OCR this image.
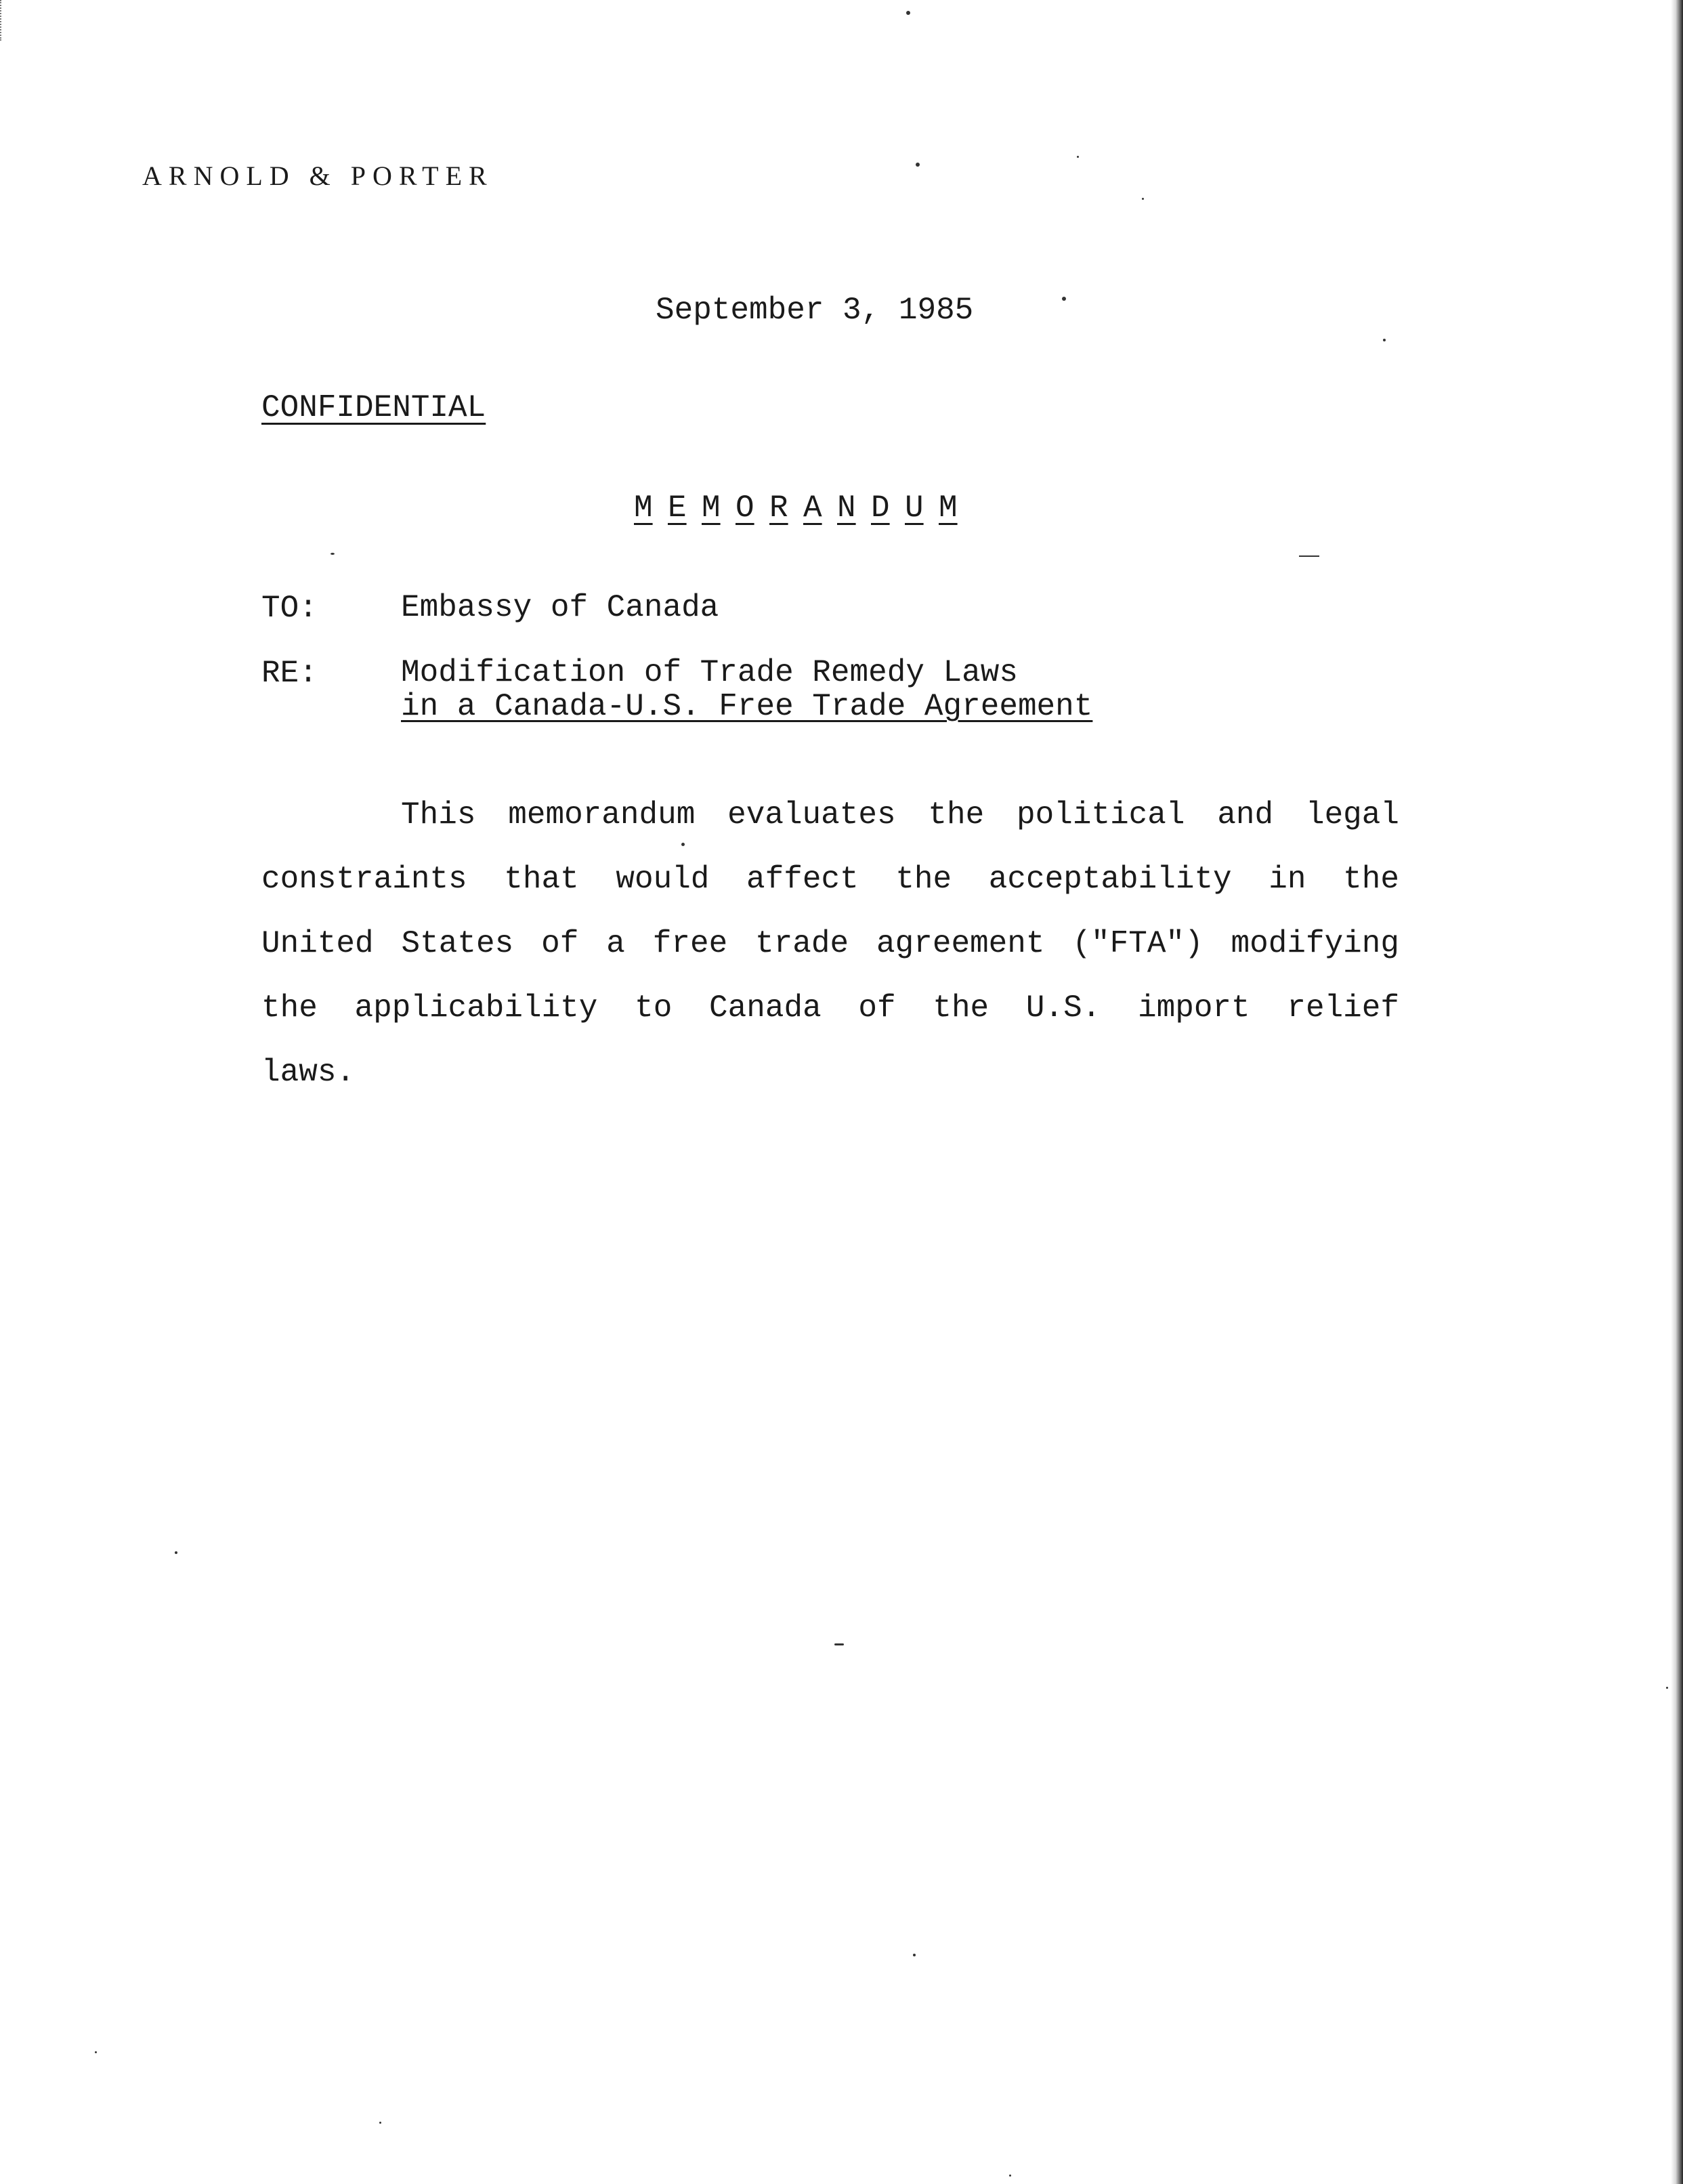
ARNOLD & PORTER
September 3, 1985
CONFIDENTIAL
M E M O R A N D U M
TO:	Embassy of Canada
RE:	Modification of Trade Remedy Laws
in a Canada-U.S. Free Trade Agreement
This memorandum evaluates the political and legal
constraints that would affect the acceptability in the
United States of a free trade agreement ("FTA") modifying
the applicability to Canada of the U.S. import relief
laws.
